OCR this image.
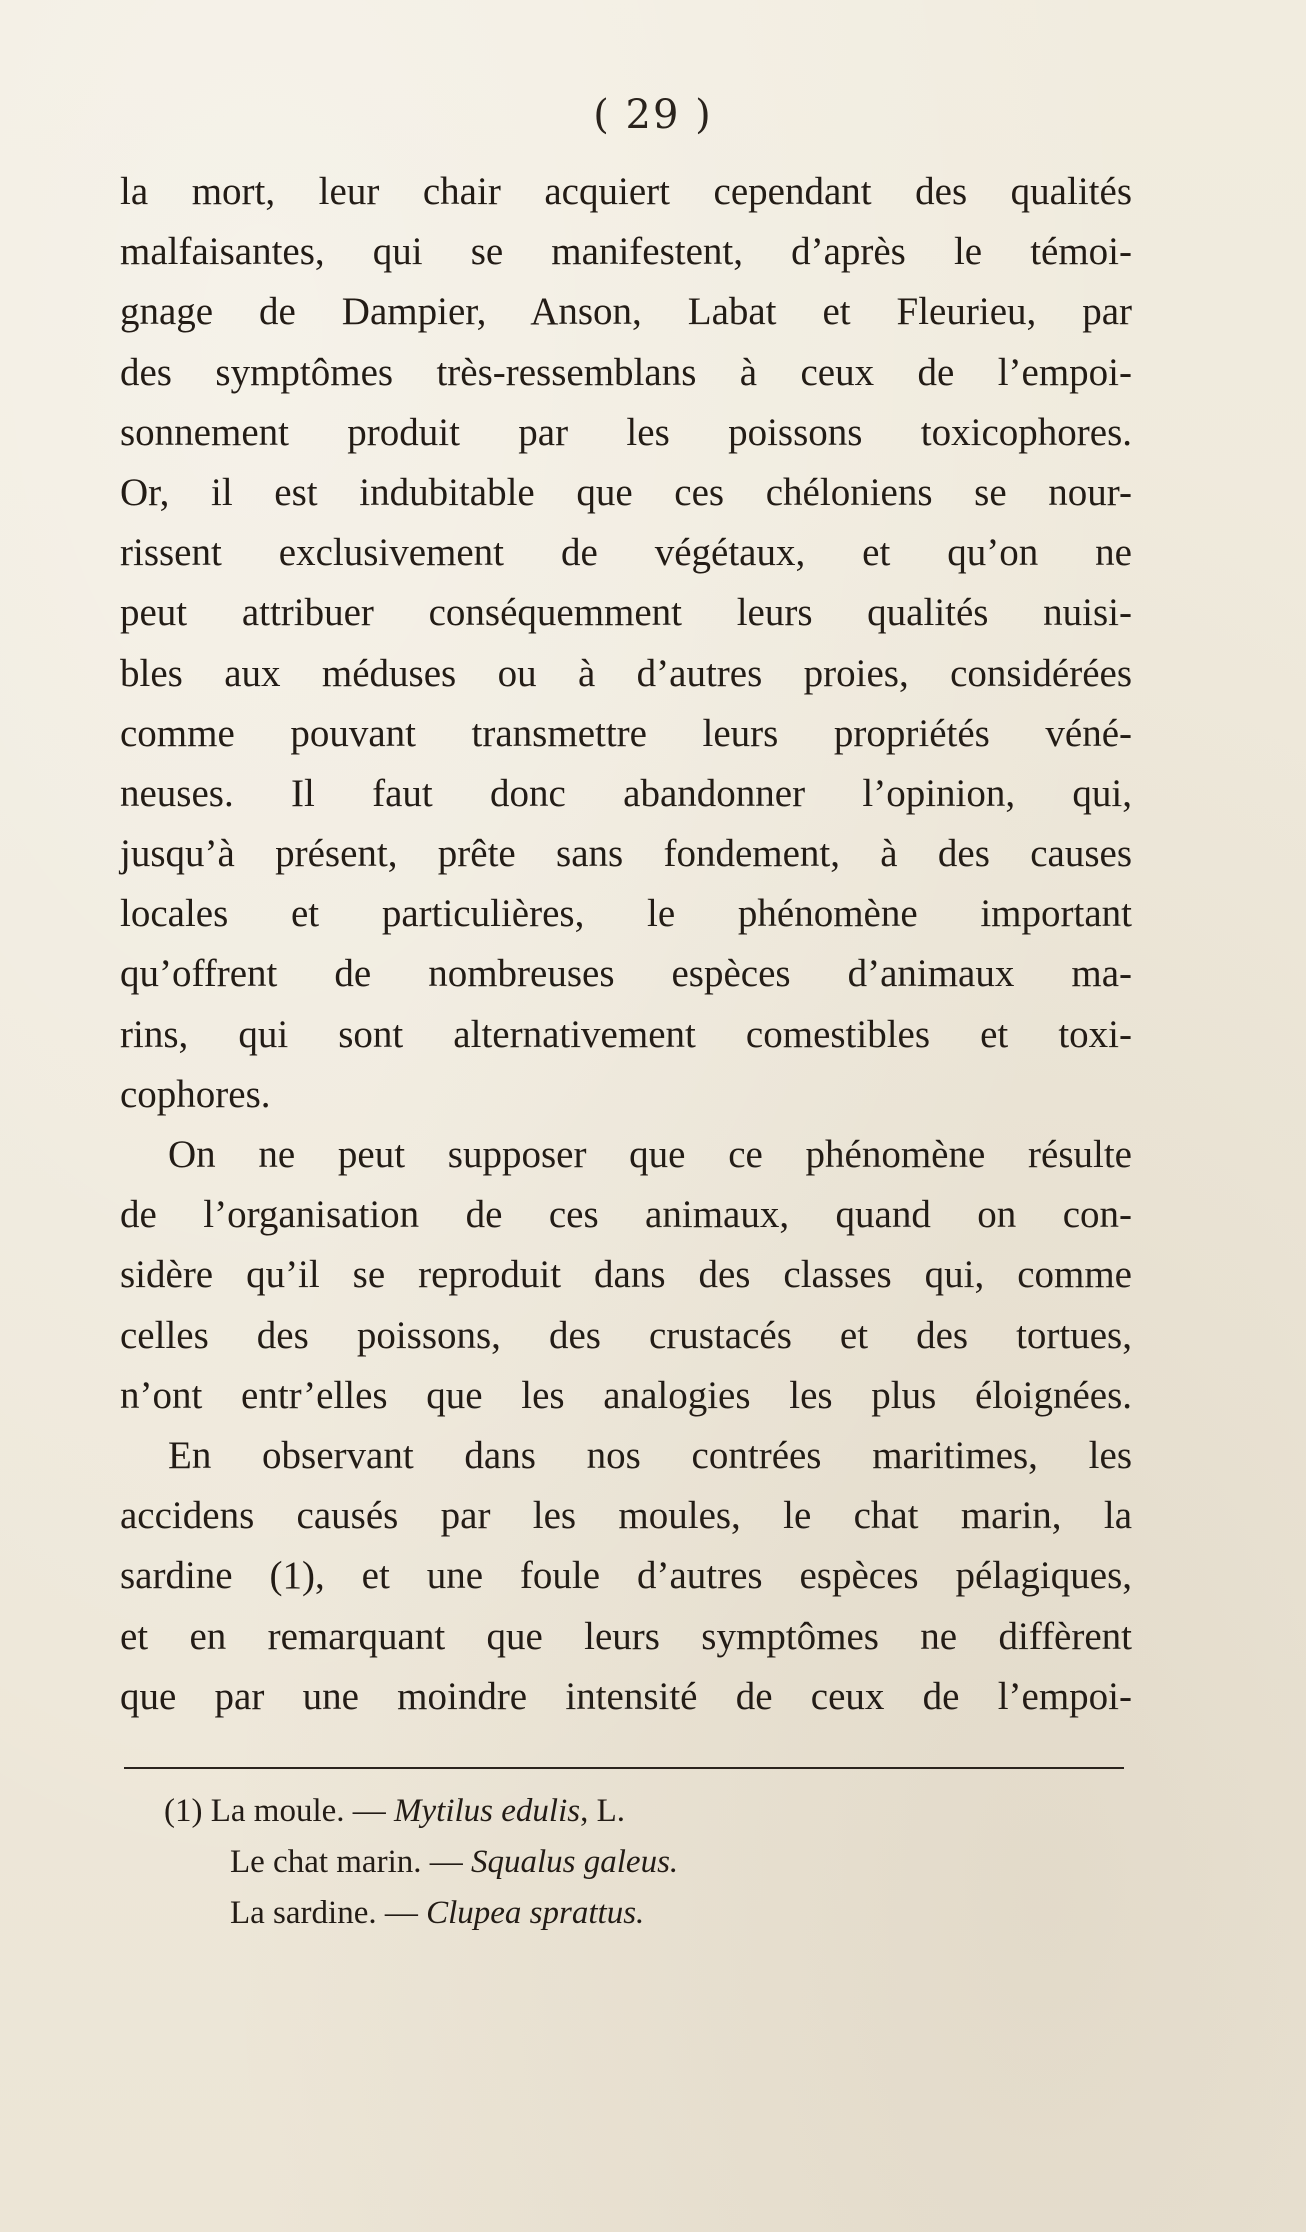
( 29 )
la mort, leur chair acquiert cependant des qualités
malfaisantes, qui se manifestent, d’après le témoi-
gnage de Dampier, Anson, Labat et Fleurieu, par
des symptômes très-ressemblans à ceux de l’empoi-
sonnement produit par les poissons toxicophores.
Or, il est indubitable que ces chéloniens se nour-
rissent exclusivement de végétaux, et qu’on ne
peut attribuer conséquemment leurs qualités nuisi-
bles aux méduses ou à d’autres proies, considérées
comme pouvant transmettre leurs propriétés véné-
neuses. Il faut donc abandonner l’opinion, qui,
jusqu’à présent, prête sans fondement, à des causes
locales et particulières, le phénomène important
qu’offrent de nombreuses espèces d’animaux ma-
rins, qui sont alternativement comestibles et toxi-
cophores.
On ne peut supposer que ce phénomène résulte
de l’organisation de ces animaux, quand on con-
sidère qu’il se reproduit dans des classes qui, comme
celles des poissons, des crustacés et des tortues,
n’ont entr’elles que les analogies les plus éloignées.
En observant dans nos contrées maritimes, les
accidens causés par les moules, le chat marin, la
sardine (1), et une foule d’autres espèces pélagiques,
et en remarquant que leurs symptômes ne diffèrent
que par une moindre intensité de ceux de l’empoi-
(1) La moule. — Mytilus edulis, L.
Le chat marin. — Squalus galeus.
La sardine. — Clupea sprattus.
